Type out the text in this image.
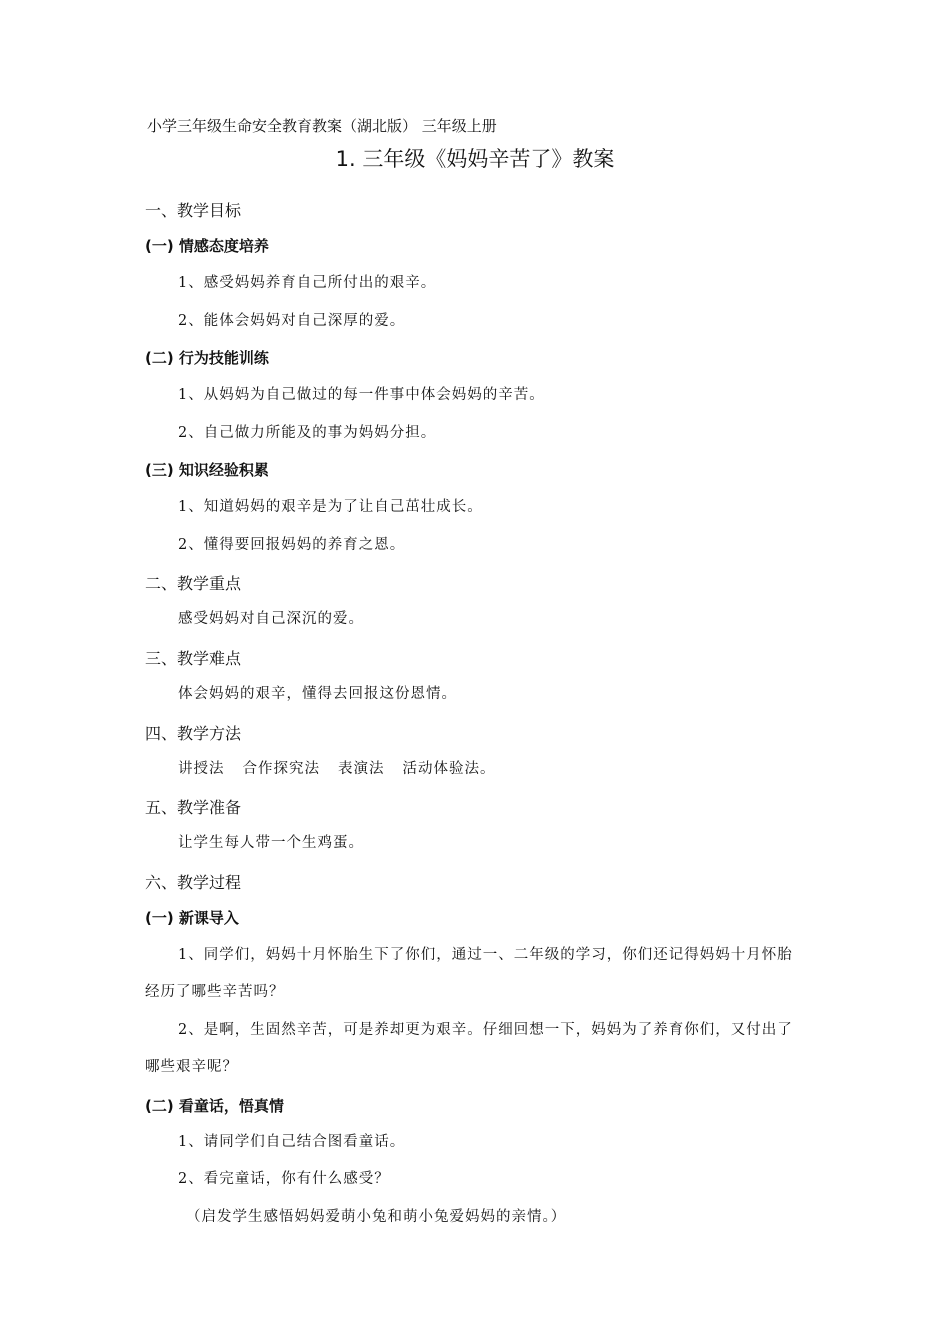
小学三年级生命安全教育教案（湖北版） 三年级上册
1. 三年级《妈妈辛苦了》教案
一、教学目标
(一) 情感态度培养
1、感受妈妈养育自己所付出的艰辛。
2、能体会妈妈对自己深厚的爱。
(二) 行为技能训练
1、从妈妈为自己做过的每一件事中体会妈妈的辛苦。
2、自己做力所能及的事为妈妈分担。
(三) 知识经验积累
1、知道妈妈的艰辛是为了让自己茁壮成长。
2、懂得要回报妈妈的养育之恩。
二、教学重点
感受妈妈对自己深沉的爱。
三、教学难点
体会妈妈的艰辛，懂得去回报这份恩情。
四、教学方法
讲授法 合作探究法 表演法 活动体验法。
五、教学准备
让学生每人带一个生鸡蛋。
六、教学过程
(一) 新课导入
1、同学们，妈妈十月怀胎生下了你们，通过一、二年级的学习，你们还记得妈妈十月怀胎经历了哪些辛苦吗？
2、是啊，生固然辛苦，可是养却更为艰辛。仔细回想一下，妈妈为了养育你们，又付出了哪些艰辛呢？
(二) 看童话，悟真情
1、请同学们自己结合图看童话。
2、看完童话，你有什么感受？
（启发学生感悟妈妈爱萌小兔和萌小兔爱妈妈的亲情。）
